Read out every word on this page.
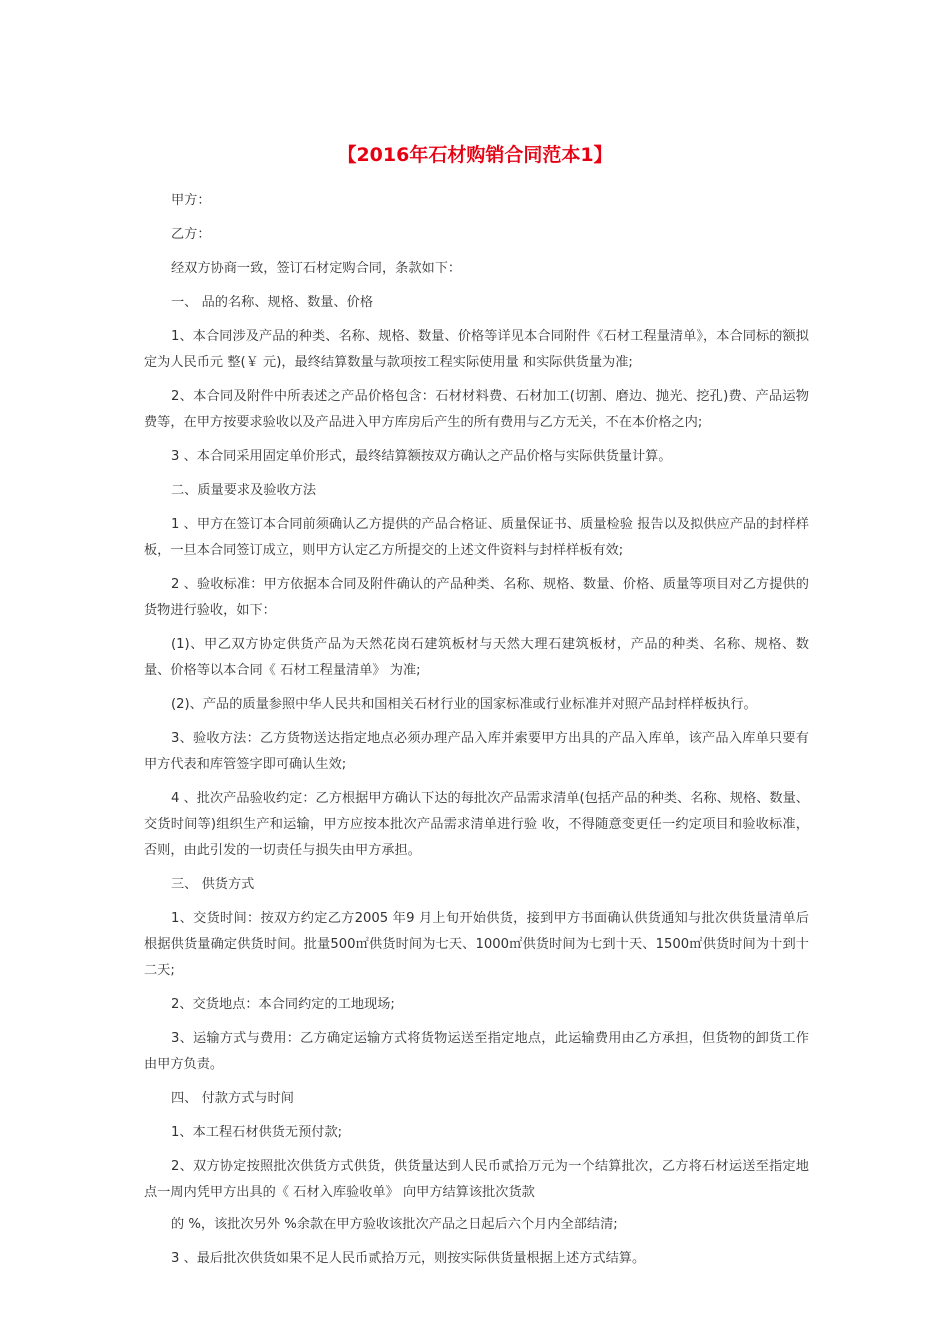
【2016年石材购销合同范本1】

甲方：

乙方：

经双方协商一致，签订石材定购合同，条款如下：

一、 品的名称、规格、数量、价格

1、本合同涉及产品的种类、名称、规格、数量、价格等详见本合同附件《石材工程量清单》，本合同标的额拟定为人民币元 整(￥ 元)，最终结算数量与款项按工程实际使用量 和实际供货量为准;

2、本合同及附件中所表述之产品价格包含：石材材料费、石材加工(切割、磨边、抛光、挖孔)费、产品运物费等，在甲方按要求验收以及产品进入甲方库房后产生的所有费用与乙方无关，不在本价格之内;

3 、本合同采用固定单价形式，最终结算额按双方确认之产品价格与实际供货量计算。

二、质量要求及验收方法

1 、甲方在签订本合同前须确认乙方提供的产品合格证、质量保证书、质量检验 报告以及拟供应产品的封样样板，一旦本合同签订成立，则甲方认定乙方所提交的上述文件资料与封样样板有效;

2 、验收标准：甲方依据本合同及附件确认的产品种类、名称、规格、数量、价格、质量等项目对乙方提供的货物进行验收，如下：

(1)、甲乙双方协定供货产品为天然花岗石建筑板材与天然大理石建筑板材，产品的种类、名称、规格、数量、价格等以本合同《 石材工程量清单》 为准;

(2)、产品的质量参照中华人民共和国相关石材行业的国家标准或行业标准并对照产品封样样板执行。

3、验收方法：乙方货物送达指定地点必须办理产品入库并索要甲方出具的产品入库单，该产品入库单只要有甲方代表和库管签字即可确认生效;

4 、批次产品验收约定：乙方根据甲方确认下达的每批次产品需求清单(包括产品的种类、名称、规格、数量、交货时间等)组织生产和运输，甲方应按本批次产品需求清单进行验 收，不得随意变更任一约定项目和验收标准，否则，由此引发的一切责任与损失由甲方承担。

三、 供货方式

1、交货时间：按双方约定乙方2005 年9 月上旬开始供货，接到甲方书面确认供货通知与批次供货量清单后根据供货量确定供货时间。批量500㎡供货时间为七天、1000㎡供货时间为七到十天、1500㎡供货时间为十到十二天;

2、交货地点：本合同约定的工地现场;

3、运输方式与费用：乙方确定运输方式将货物运送至指定地点，此运输费用由乙方承担，但货物的卸货工作由甲方负责。

四、 付款方式与时间

1、本工程石材供货无预付款;

2、双方协定按照批次供货方式供货，供货量达到人民币贰拾万元为一个结算批次，乙方将石材运送至指定地点一周内凭甲方出具的《 石材入库验收单》 向甲方结算该批次货款

的 %，该批次另外 %余款在甲方验收该批次产品之日起后六个月内全部结清;

3 、最后批次供货如果不足人民币贰拾万元，则按实际供货量根据上述方式结算。
